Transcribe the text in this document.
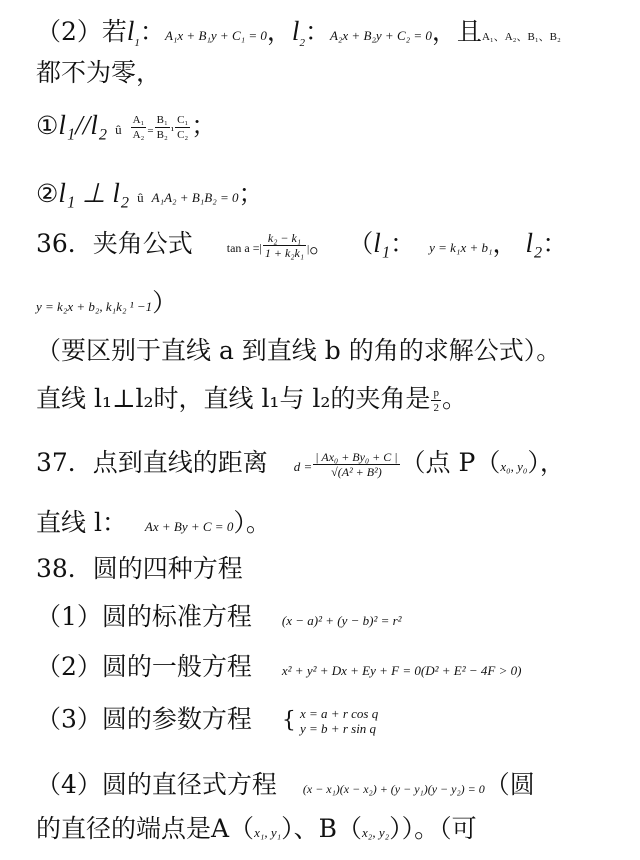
（2）若$l_1$：A₁x + B₁y + C₁ = 0，$l_2$：A₂x + B₂y + C₂ = 0，且A₁、A₂、B₁、B₂
都不为零，
①l₁//l₂ û $\frac{\text{A₁}}{\text{A₂}} = \frac{\text{B₁}}{\text{B₂}} ^1 \frac{\text{C₁}}{\text{C₂}}$ ；
②l₁ ⊥ l₂ û A₁A₂ + B₁B₂ = 0；
36．夹角公式	tan a =| $\frac{\text{k₂ − k₁}}{\text{1 + k₂k₁}}$ |。 （l₁： y = k₁x + b₁， l₂：
y = k₂x + b₂, k₁k₂ ¹ −1）
（要区别于直线 a 到直线 b 的角的求解公式）。
直线 l₁⊥l₂时，直线 l₁与 l₂的夹角是 $\frac{p}{2}$ 。
37．点到直线的距离 $d = \frac{\text{| Ax₀ + By₀ + C |}}{\text{√(A² + B²)}}$ （点 P（x₀, y₀），
直线 l： Ax + By + C = 0）。
38．圆的四种方程
（1）圆的标准方程 (x − a)² + (y − b)² = r²
（2）圆的一般方程 x² + y² + Dx + Ey + F = 0(D² + E² − 4F > 0)
（3）圆的参数方程 { x = a + r cos q
y = b + r sin q
（4）圆的直径式方程 (x − x₁)(x − x₂) + (y − y₁)(y − y₂) = 0（圆
的直径的端点是A（x₁, y₁）、B（x₂, y₂））。（可
